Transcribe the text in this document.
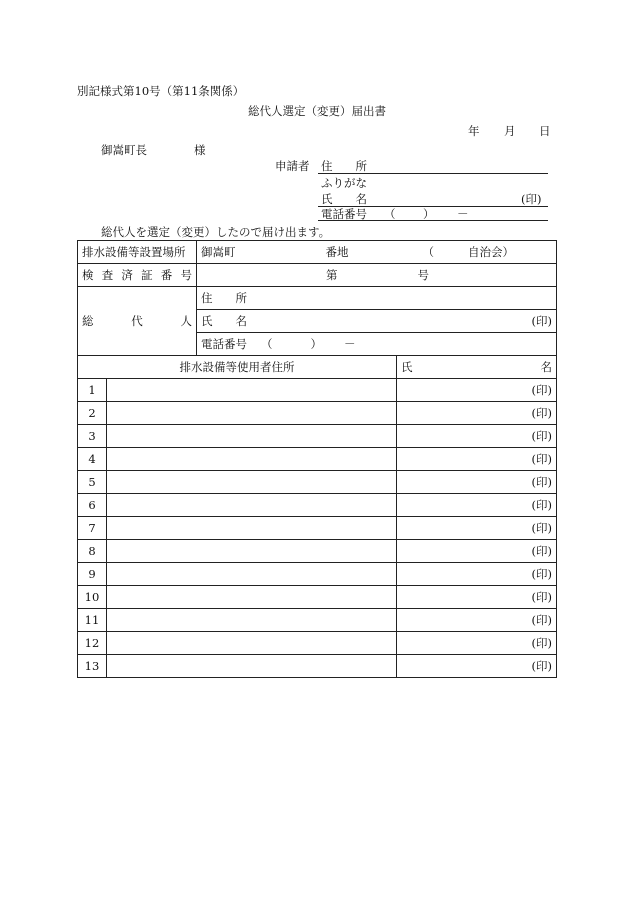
別記様式第10号（第11条関係）
総代人選定（変更）届出書
年 月 日
御嵩町長	様
申請者 住　　所
ふりがな
氏　　名	(印)
電話番号 （ ） －
総代人を選定（変更）したので届け出ます。
排水設備等設置場所		御嵩町 番地 （ 自治会）	

検査済証番号		第 号	

総代人		住　　所	

		氏　　名 (印)	

		電話番号 （ ） －	

排水設備等使用者住所			氏 名

1			(印)
2			(印)
3			(印)
4			(印)
5			(印)
6			(印)
7			(印)
8			(印)
9			(印)
10			(印)
11			(印)
12			(印)
13			(印)
